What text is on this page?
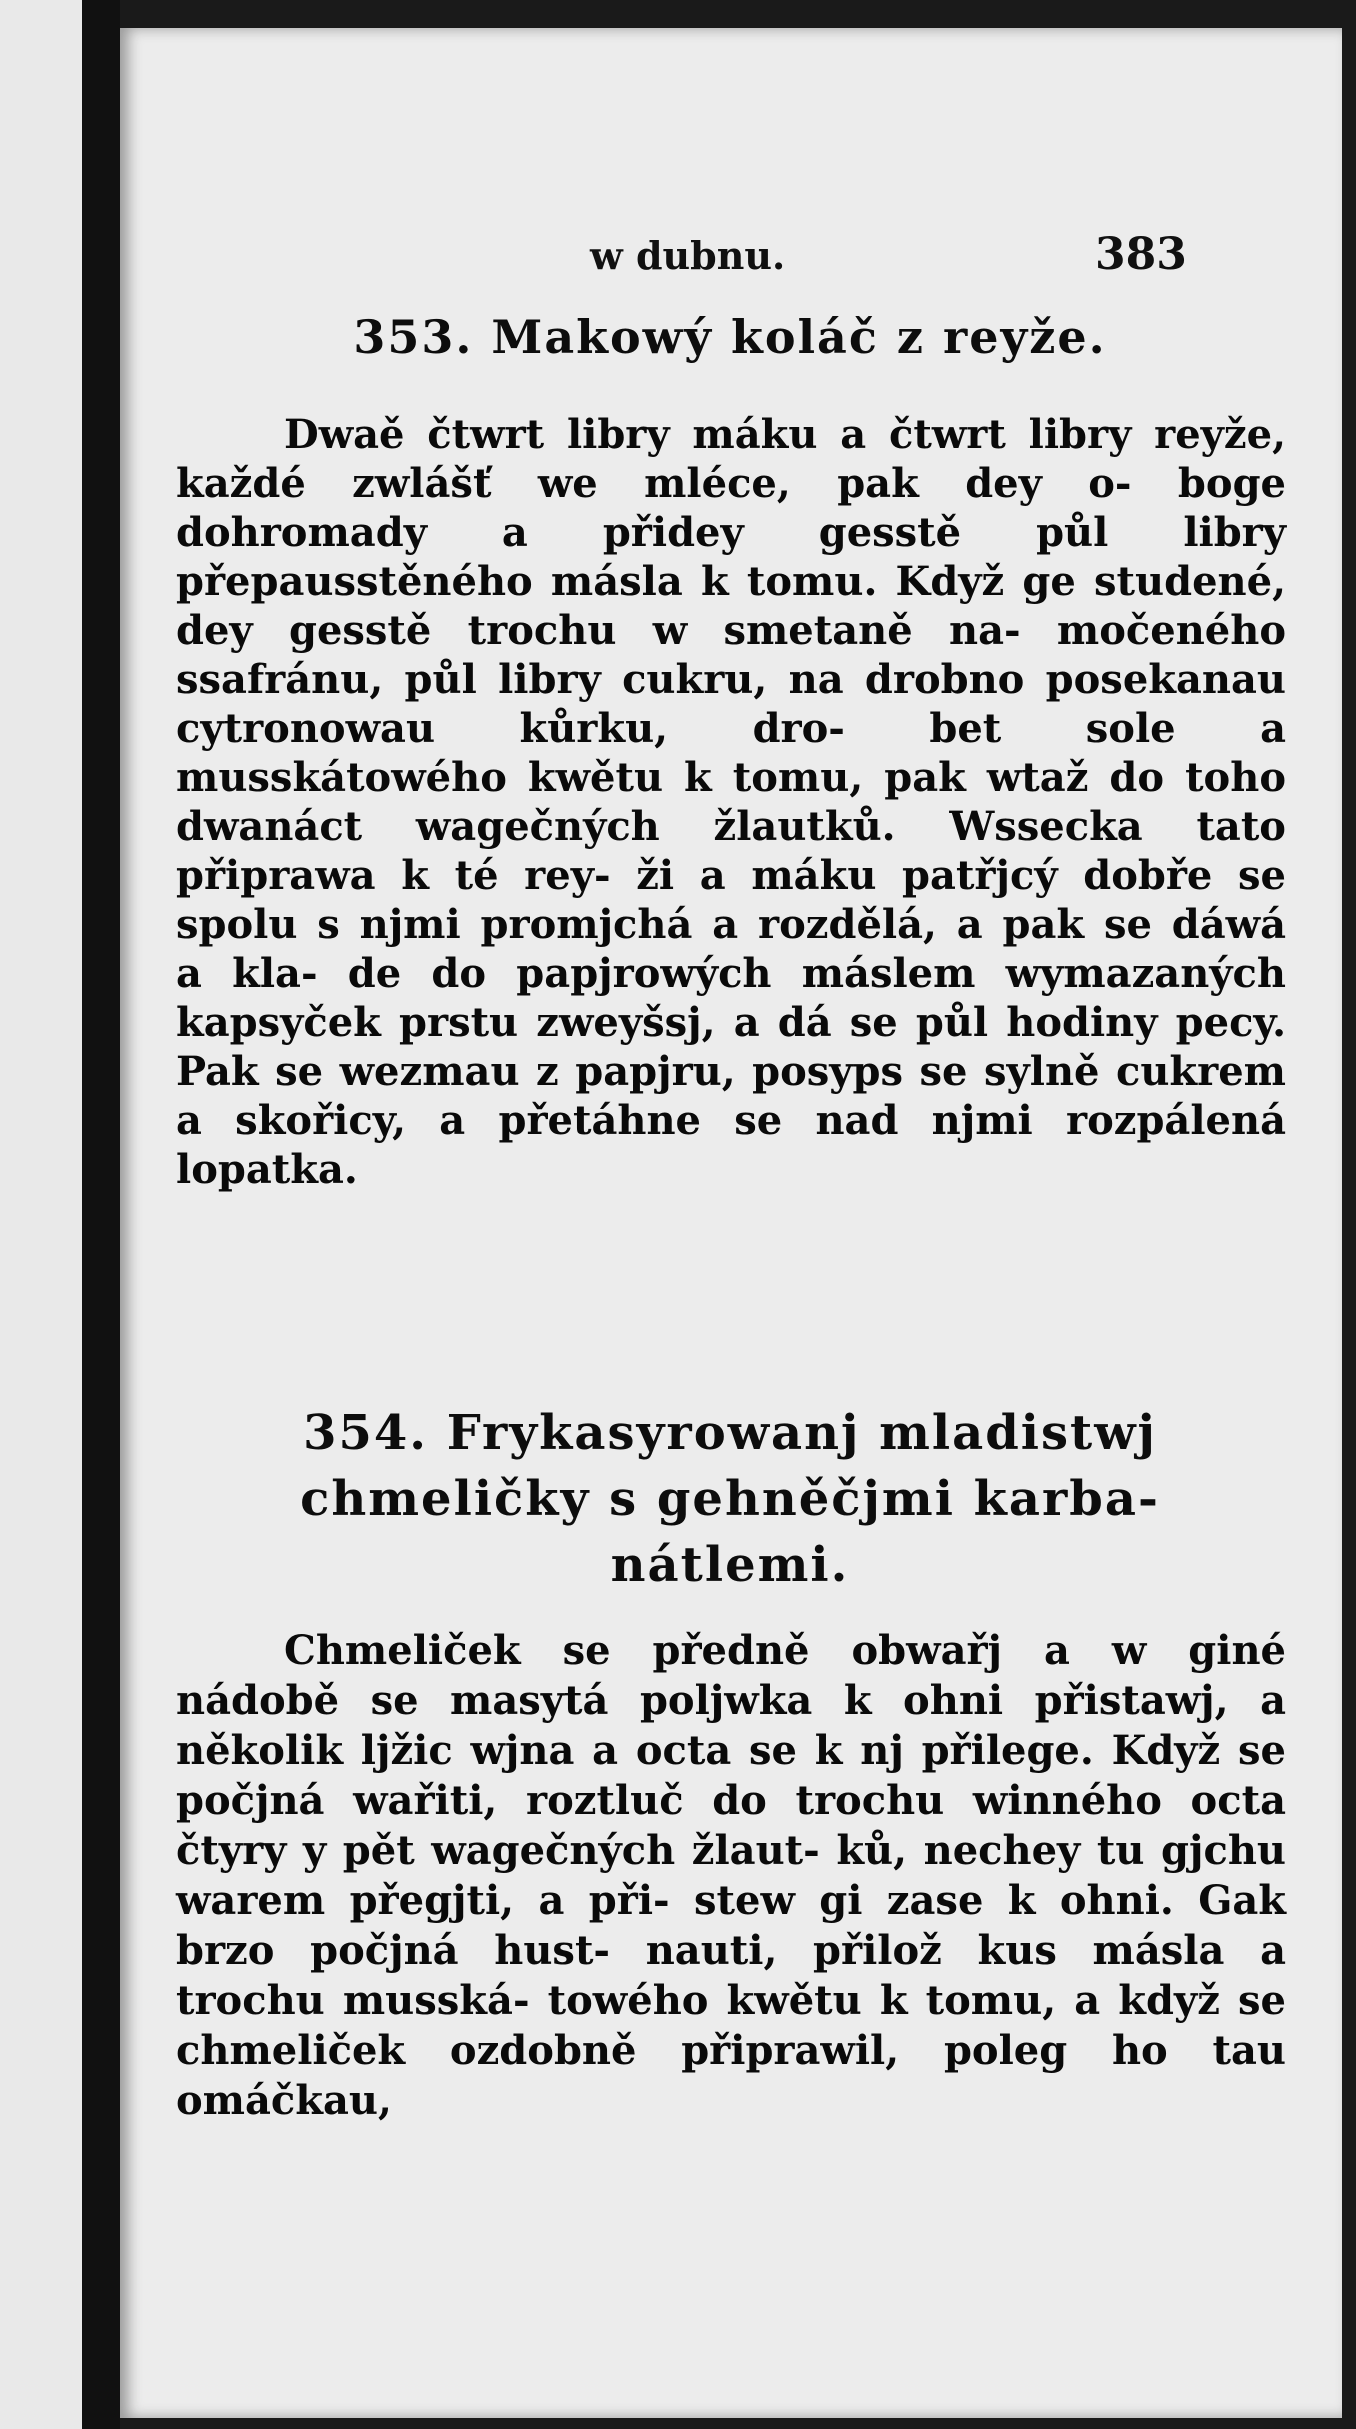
w dubnu.	383
353. Makowý koláč z reyže.
Dwaě čtwrt libry máku a čtwrt libry reyže, každé zwlášť we mléce, pak dey o- boge dohromady a přidey gesstě půl libry přepausstěného másla k tomu. Když ge studené, dey gesstě trochu w smetaně na- močeného ssafránu, půl libry cukru, na drobno posekanau cytronowau kůrku, dro- bet sole a musskátowého kwětu k tomu, pak wtaž do toho dwanáct wagečných žlautků. Wssecka tato připrawa k té rey- ži a máku patřjcý dobře se spolu s njmi promjchá a rozdělá, a pak se dáwá a kla- de do papjrowých máslem wymazaných kapsyček prstu zweyšsj, a dá se půl hodiny pecy. Pak se wezmau z papjru, posyps se sylně cukrem a skořicy, a přetáhne se nad njmi rozpálená lopatka.
354. Frykasyrowanj mladistwj chmeličky s gehněčjmi karba- nátlemi.
Chmeliček se předně obwařj a w giné nádobě se masytá poljwka k ohni přistawj, a několik ljžic wjna a octa se k nj přilege. Když se počjná wařiti, roztluč do trochu winného octa čtyry y pět wagečných žlaut- ků, nechey tu gjchu warem přegjti, a při- stew gi zase k ohni. Gak brzo počjná hust- nauti, přilož kus másla a trochu musská- towého kwětu k tomu, a když se chmeliček ozdobně připrawil, poleg ho tau omáčkau,
